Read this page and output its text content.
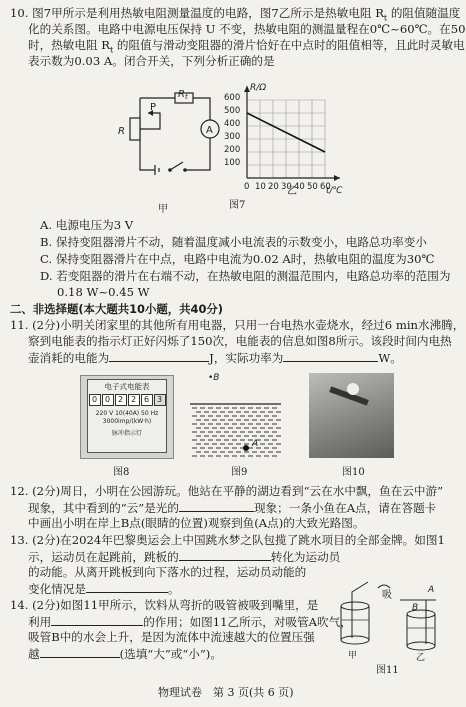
10. 图7甲所示是利用热敏电阻测量温度的电路，图7乙所示是热敏电阻 $R_t$ 的阻值随温度
化的关系图。电路中电源电压保持 U 不变，热敏电阻的测温量程在0℃~60℃。在50
时，热敏电阻 $R_t$ 的阻值与滑动变阻器的滑片恰好在中点时的阻值相等，且此时灵敏电
表示数为0.03 A。闭合开关，下列分析正确的是
P
R
$R_t$
A
甲
R/Ω
t/℃
600
500
400
300
200
100
0 10 20 30 40 50 60
乙
图7
A. 电源电压为3 V
B. 保持变阻器滑片不动，随着温度减小电流表的示数变小，电路总功率变小
C. 保持变阻器滑片在中点，电路中电流为0.02 A时，热敏电阻的温度为30℃
D. 若变阻器的滑片在右端不动，在热敏电阻的测温范围内，电路总功率的范围为
0.18 W~0.45 W
二、非选择题(本大题共10小题，共40分)
11. (2分)小明关闭家里的其他所有用电器，只用一台电热水壶烧水，经过6 min水沸腾，
察到电能表的指示灯正好闪烁了150次，电能表的信息如图8所示。该段时间内电热
壶消耗的电能为	J，实际功率为	W。
电子式电能表
0 0 2 2 6 3
220 V 10(40A) 50 Hz
3000imp/(kW·h)
脉冲指示灯
图8
•B
A
图9	图10
12. (2分)周日，小明在公园游玩。他站在平静的湖边看到“云在水中飘，鱼在云中游”
现象，其中看到的“云”是光的	现象；一条小鱼在A点，请在答题卡
中画出小明在岸上B点(眼睛的位置)观察到鱼(A点)的大致光路图。
13. (2分)在2024年巴黎奥运会上中国跳水梦之队包揽了跳水项目的全部金牌。如图1
示，运动员在起跳前，跳板的	转化为运动员
的动能。从离开跳板到向下落水的过程，运动员动能的
变化情况是	。
14. (2分)如图11甲所示，饮料从弯折的吸管被吸到嘴里，是
利用	的作用；如图11乙所示，对吸管A吹气，
吸管B中的水会上升，是因为流体中流速越大的位置压强
越	(选填“大”或“小”)。
吸	A
B
甲	乙
图11
物理试卷　第 3 页(共 6 页)
